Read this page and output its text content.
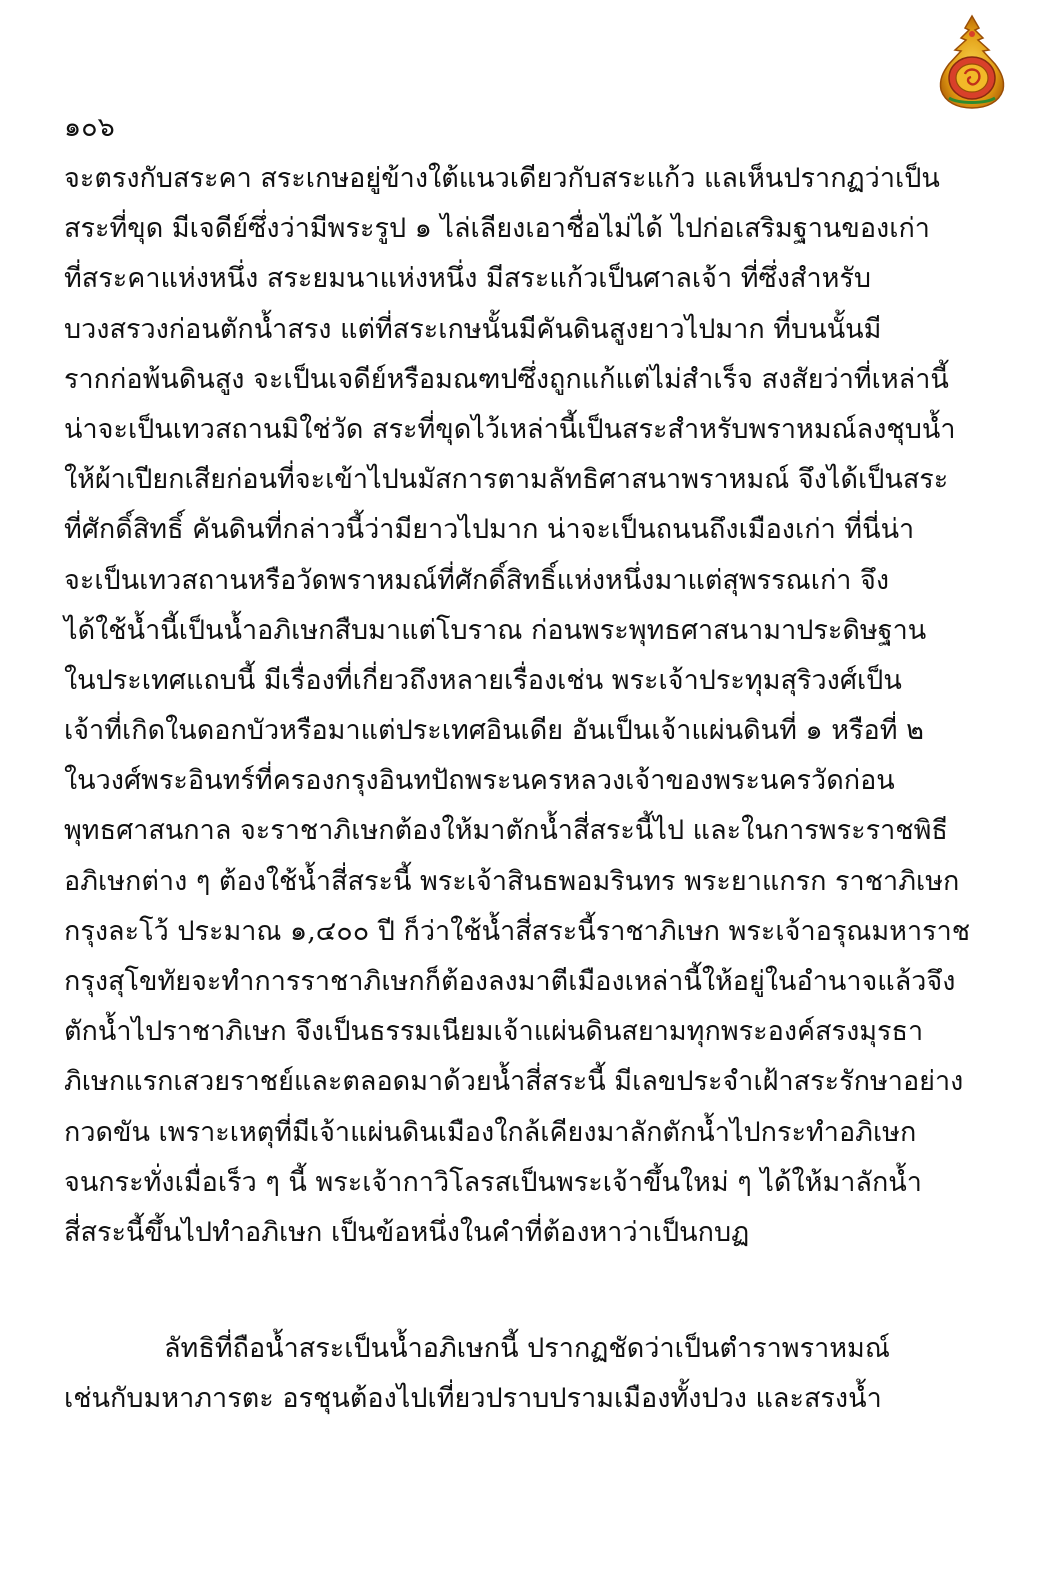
๑๐๖
จะตรงกับสระคา สระเกษอยู่ข้างใต้แนวเดียวกับสระแก้ว แลเห็นปรากฏว่าเป็น
สระที่ขุด มีเจดีย์ซึ่งว่ามีพระรูป ๑ ไล่เลียงเอาชื่อไม่ได้ ไปก่อเสริมฐานของเก่า
ที่สระคาแห่งหนึ่ง สระยมนาแห่งหนึ่ง มีสระแก้วเป็นศาลเจ้า ที่ซึ่งสำหรับ
บวงสรวงก่อนตักน้ำสรง แต่ที่สระเกษนั้นมีคันดินสูงยาวไปมาก ที่บนนั้นมี
รากก่อพ้นดินสูง จะเป็นเจดีย์หรือมณฑปซึ่งถูกแก้แต่ไม่สำเร็จ สงสัยว่าที่เหล่านี้
น่าจะเป็นเทวสถานมิใช่วัด สระที่ขุดไว้เหล่านี้เป็นสระสำหรับพราหมณ์ลงชุบน้ำ
ให้ผ้าเปียกเสียก่อนที่จะเข้าไปนมัสการตามลัทธิศาสนาพราหมณ์ จึงได้เป็นสระ
ที่ศักดิ์สิทธิ์ คันดินที่กล่าวนี้ว่ามียาวไปมาก น่าจะเป็นถนนถึงเมืองเก่า ที่นี่น่า
จะเป็นเทวสถานหรือวัดพราหมณ์ที่ศักดิ์สิทธิ์แห่งหนึ่งมาแต่สุพรรณเก่า จึง
ได้ใช้น้ำนี้เป็นน้ำอภิเษกสืบมาแต่โบราณ ก่อนพระพุทธศาสนามาประดิษฐาน
ในประเทศแถบนี้ มีเรื่องที่เกี่ยวถึงหลายเรื่องเช่น พระเจ้าประทุมสุริวงศ์เป็น
เจ้าที่เกิดในดอกบัวหรือมาแต่ประเทศอินเดีย อันเป็นเจ้าแผ่นดินที่ ๑ หรือที่ ๒
ในวงศ์พระอินทร์ที่ครองกรุงอินทปัถพระนครหลวงเจ้าของพระนครวัดก่อน
พุทธศาสนกาล จะราชาภิเษกต้องให้มาตักน้ำสี่สระนี้ไป และในการพระราชพิธี
อภิเษกต่าง ๆ ต้องใช้น้ำสี่สระนี้ พระเจ้าสินธพอมรินทร พระยาแกรก ราชาภิเษก
กรุงละโว้ ประมาณ ๑,๔๐๐ ปี ก็ว่าใช้น้ำสี่สระนี้ราชาภิเษก พระเจ้าอรุณมหาราช
กรุงสุโขทัยจะทำการราชาภิเษกก็ต้องลงมาตีเมืองเหล่านี้ให้อยู่ในอำนาจแล้วจึง
ตักน้ำไปราชาภิเษก จึงเป็นธรรมเนียมเจ้าแผ่นดินสยามทุกพระองค์สรงมุรธา
ภิเษกแรกเสวยราชย์และตลอดมาด้วยน้ำสี่สระนี้ มีเลขประจำเฝ้าสระรักษาอย่าง
กวดขัน เพราะเหตุที่มีเจ้าแผ่นดินเมืองใกล้เคียงมาลักตักน้ำไปกระทำอภิเษก
จนกระทั่งเมื่อเร็ว ๆ นี้ พระเจ้ากาวิโลรสเป็นพระเจ้าขึ้นใหม่ ๆ ได้ให้มาลักน้ำ
สี่สระนี้ขึ้นไปทำอภิเษก เป็นข้อหนึ่งในคำที่ต้องหาว่าเป็นกบฏ
ลัทธิที่ถือน้ำสระเป็นน้ำอภิเษกนี้ ปรากฏชัดว่าเป็นตำราพราหมณ์
เช่นกับมหาภารตะ อรชุนต้องไปเที่ยวปราบปรามเมืองทั้งปวง และสรงน้ำ
